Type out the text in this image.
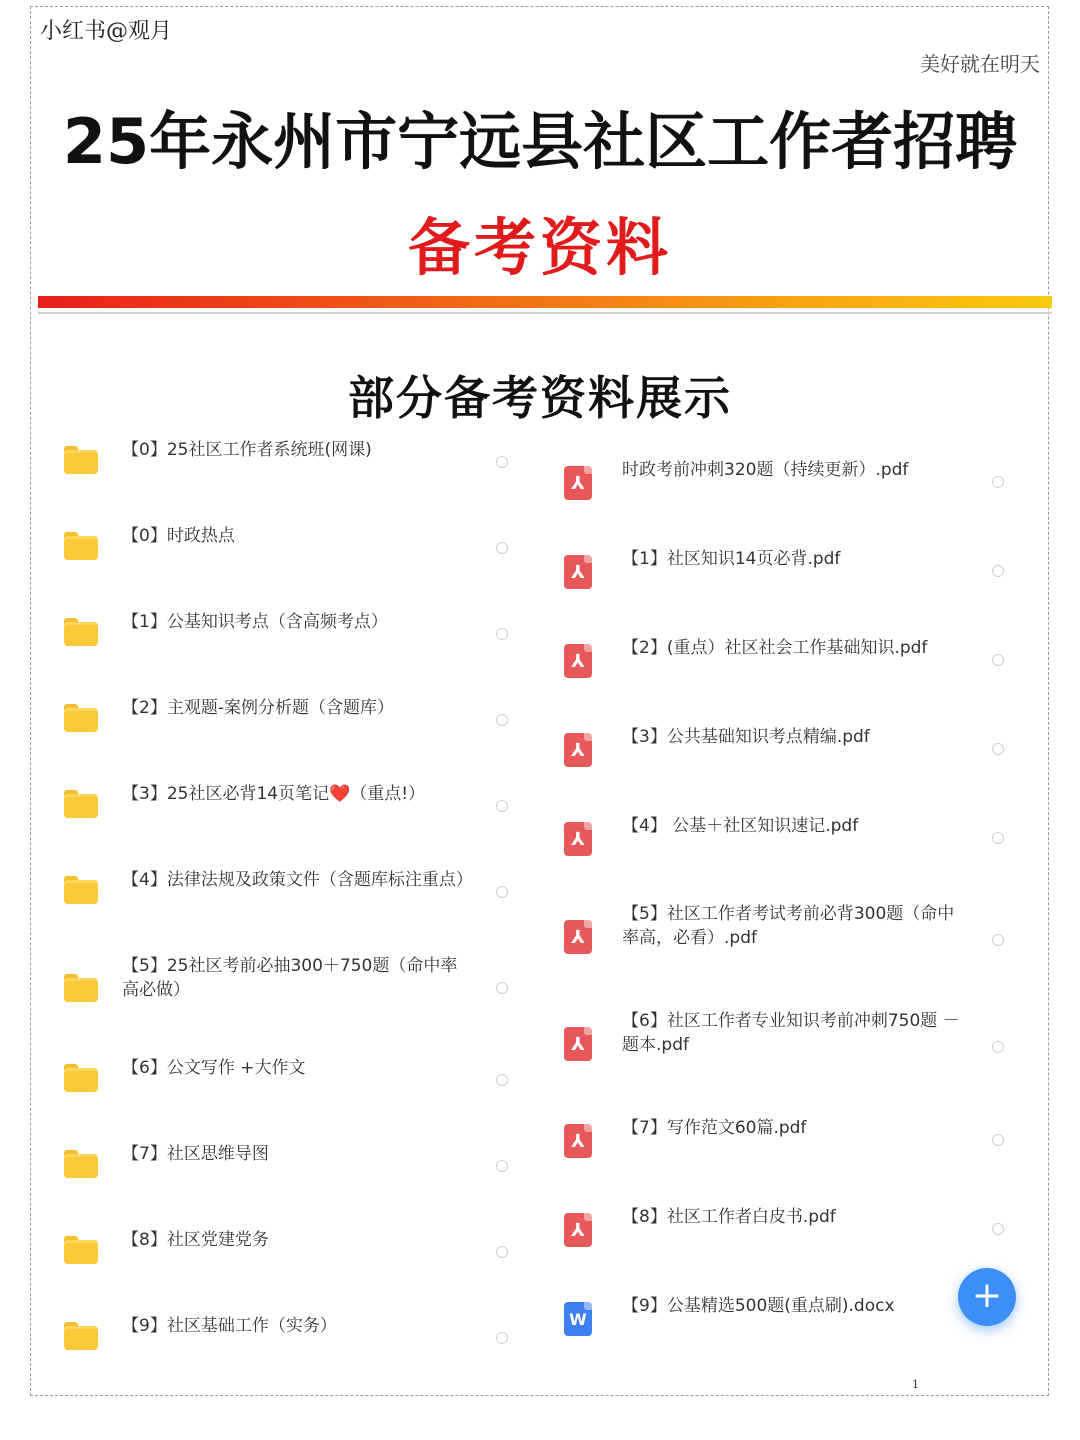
小红书@观月
美好就在明天
25年永州市宁远县社区工作者招聘
备考资料
部分备考资料展示
【0】25社区工作者系统班(网课)
【0】时政热点
【1】公基知识考点（含高频考点）
【2】主观题-案例分析题（含题库）
【3】25社区必背14页笔记❤️（重点!）
【4】法律法规及政策文件（含题库标注重点）
【5】25社区考前必抽300＋750题（命中率高必做）
【6】公文写作 +大作文
【7】社区思维导图
【8】社区党建党务
【9】社区基础工作（实务）
⅄
时政考前冲刺320题（持续更新）.pdf
⅄
【1】社区知识14页必背.pdf
⅄
【2】(重点）社区社会工作基础知识.pdf
⅄
【3】公共基础知识考点精编.pdf
⅄
【4】 公基＋社区知识速记.pdf
⅄
【5】社区工作者考试考前必背300题（命中率高，必看）.pdf
⅄
【6】社区工作者专业知识考前冲刺750题 － 题本.pdf
⅄
【7】写作范文60篇.pdf
⅄
【8】社区工作者白皮书.pdf
W
【9】公基精选500题(重点刷).docx	+
1
